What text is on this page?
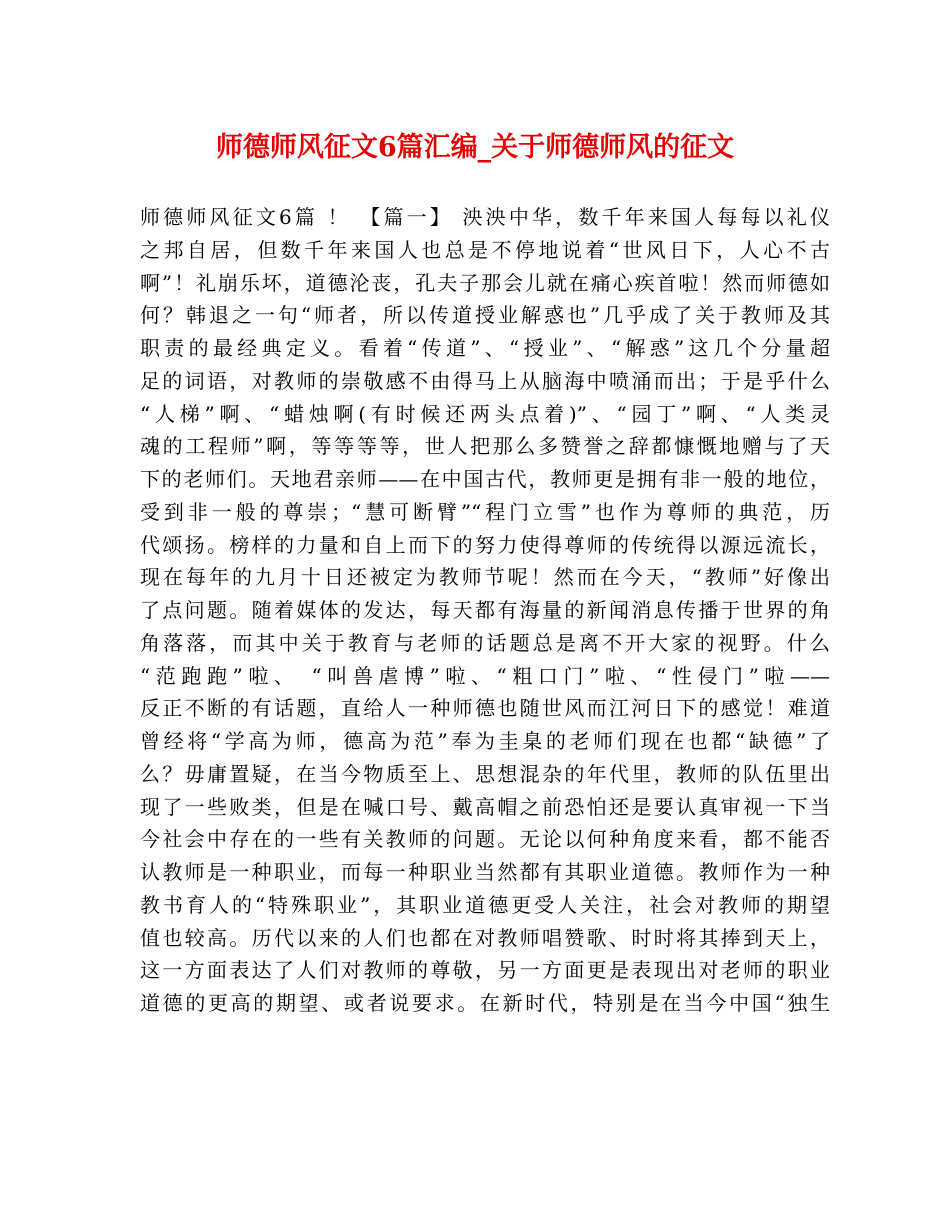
师德师风征文6篇汇编_关于师德师风的征文
师德师风征文6篇 ！ 【篇一】 泱泱中华，数千年来国人每每以礼仪
之邦自居，但数千年来国人也总是不停地说着“世风日下，人心不古
啊”！礼崩乐坏，道德沦丧，孔夫子那会儿就在痛心疾首啦！然而师德如
何？韩退之一句“师者，所以传道授业解惑也”几乎成了关于教师及其
职责的最经典定义。看着“传道”、“授业”、“解惑”这几个分量超
足的词语，对教师的崇敬感不由得马上从脑海中喷涌而出；于是乎什么
“人梯”啊、“蜡烛啊(有时候还两头点着)”、“园丁”啊、“人类灵
魂的工程师”啊，等等等等，世人把那么多赞誉之辞都慷慨地赠与了天
下的老师们。天地君亲师——在中国古代，教师更是拥有非一般的地位，
受到非一般的尊崇；“慧可断臂”“程门立雪”也作为尊师的典范，历
代颂扬。榜样的力量和自上而下的努力使得尊师的传统得以源远流长，
现在每年的九月十日还被定为教师节呢！然而在今天，“教师”好像出
了点问题。随着媒体的发达，每天都有海量的新闻消息传播于世界的角
角落落，而其中关于教育与老师的话题总是离不开大家的视野。什么
“范跑跑”啦、 “叫兽虐博”啦、“粗口门”啦、“性侵门”啦——
反正不断的有话题，直给人一种师德也随世风而江河日下的感觉！难道
曾经将“学高为师，德高为范”奉为圭臬的老师们现在也都“缺德”了
么？毋庸置疑，在当今物质至上、思想混杂的年代里，教师的队伍里出
现了一些败类，但是在喊口号、戴高帽之前恐怕还是要认真审视一下当
今社会中存在的一些有关教师的问题。无论以何种角度来看，都不能否
认教师是一种职业，而每一种职业当然都有其职业道德。教师作为一种
教书育人的“特殊职业”，其职业道德更受人关注，社会对教师的期望
值也较高。历代以来的人们也都在对教师唱赞歌、时时将其捧到天上，
这一方面表达了人们对教师的尊敬，另一方面更是表现出对老师的职业
道德的更高的期望、或者说要求。在新时代，特别是在当今中国“独生
